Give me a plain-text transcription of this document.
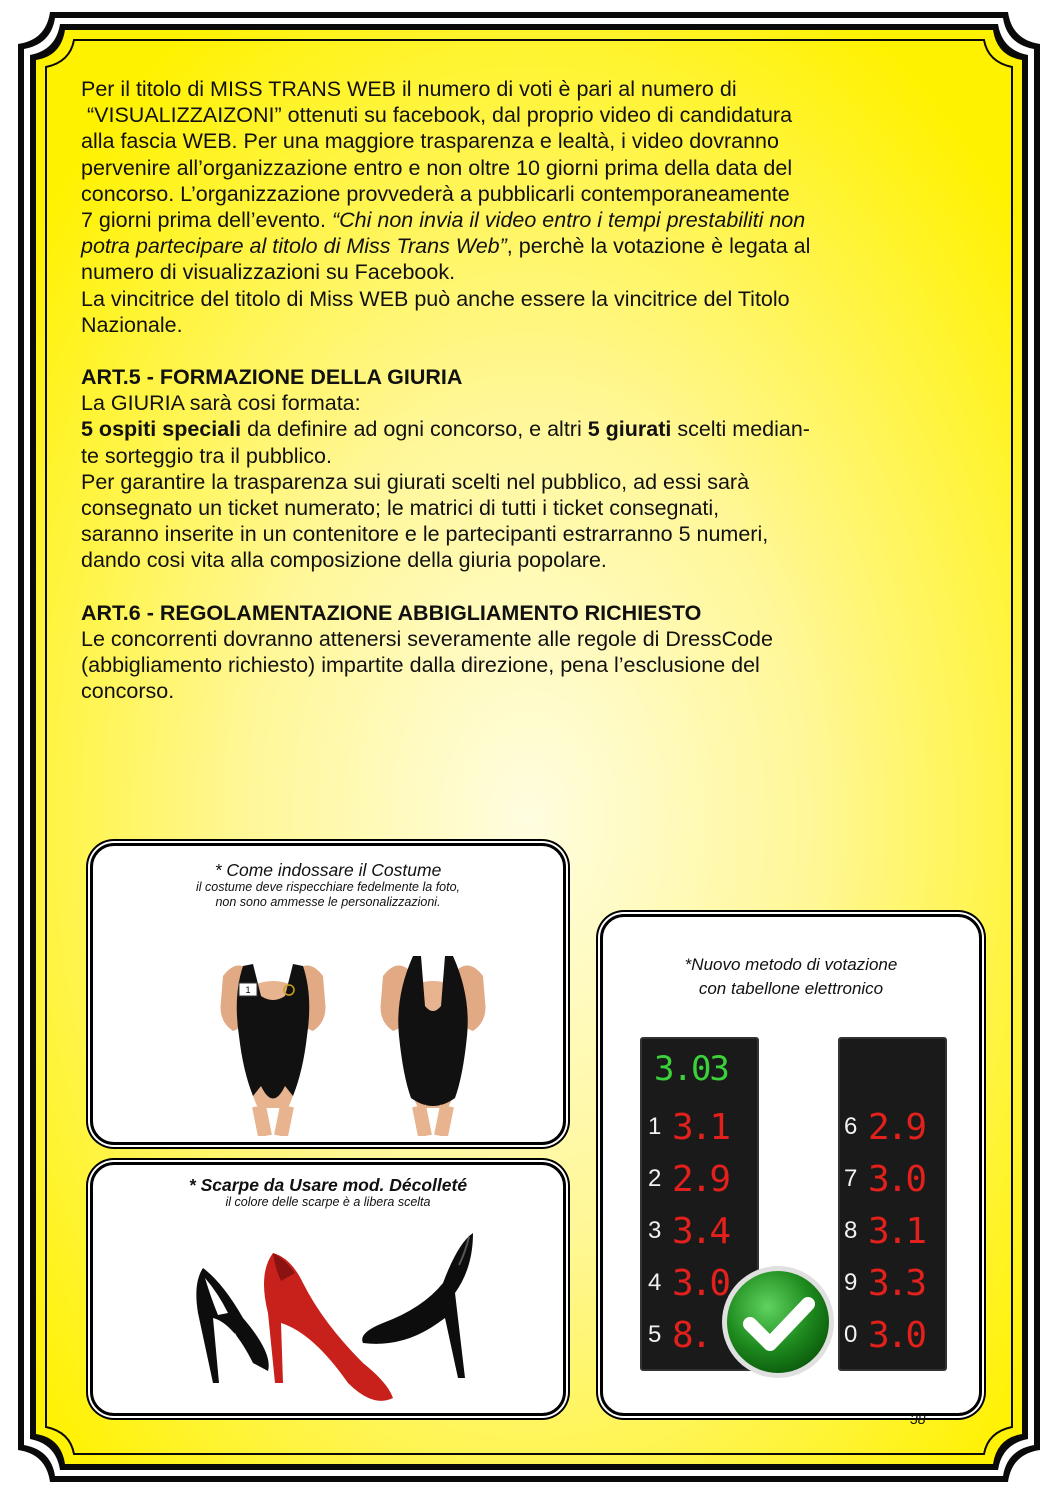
Per il titolo di MISS TRANS WEB il numero di voti è pari al numero di

“VISUALIZZAIZONI” ottenuti su facebook, dal proprio video di candidatura

alla fascia WEB. Per una maggiore trasparenza e lealtà, i video dovranno

pervenire all’organizzazione entro e non oltre 10 giorni prima della data del

concorso. L’organizzazione provvederà a pubblicarli contemporaneamente

7 giorni prima dell’evento. “Chi non invia il video entro i tempi prestabiliti non

potra partecipare al titolo di Miss Trans Web”, perchè la votazione è legata al

numero di visualizzazioni su Facebook.

La vincitrice del titolo di Miss WEB può anche essere la vincitrice del Titolo

Nazionale.

ART.5 - FORMAZIONE DELLA GIURIA

La GIURIA sarà cosi formata:

5 ospiti speciali da definire ad ogni concorso, e altri 5 giurati scelti median-

te sorteggio tra il pubblico.

Per garantire la trasparenza sui giurati scelti nel pubblico, ad essi sarà

consegnato un ticket numerato; le matrici di tutti i ticket consegnati,

saranno inserite in un contenitore e le partecipanti estrarranno 5 numeri,

dando cosi vita alla composizione della giuria popolare.

ART.6 - REGOLAMENTAZIONE ABBIGLIAMENTO RICHIESTO

Le concorrenti dovranno attenersi severamente alle regole di DressCode

(abbigliamento richiesto) impartite dalla direzione, pena l’esclusione del

concorso.

* Come indossare il Costume
il costume deve rispecchiare fedelmente la foto,
non sono ammesse le personalizzazioni.
1
* Scarpe da Usare mod. Décolleté
il colore delle scarpe è a libera scelta
*Nuovo metodo di votazione
con tabellone elettronico
3.03
1 3.1
2 2.9
3 3.4
4 3.0
5 8.
6 2.9
7 3.0
8 3.1
9 3.3
0 3.0
38
